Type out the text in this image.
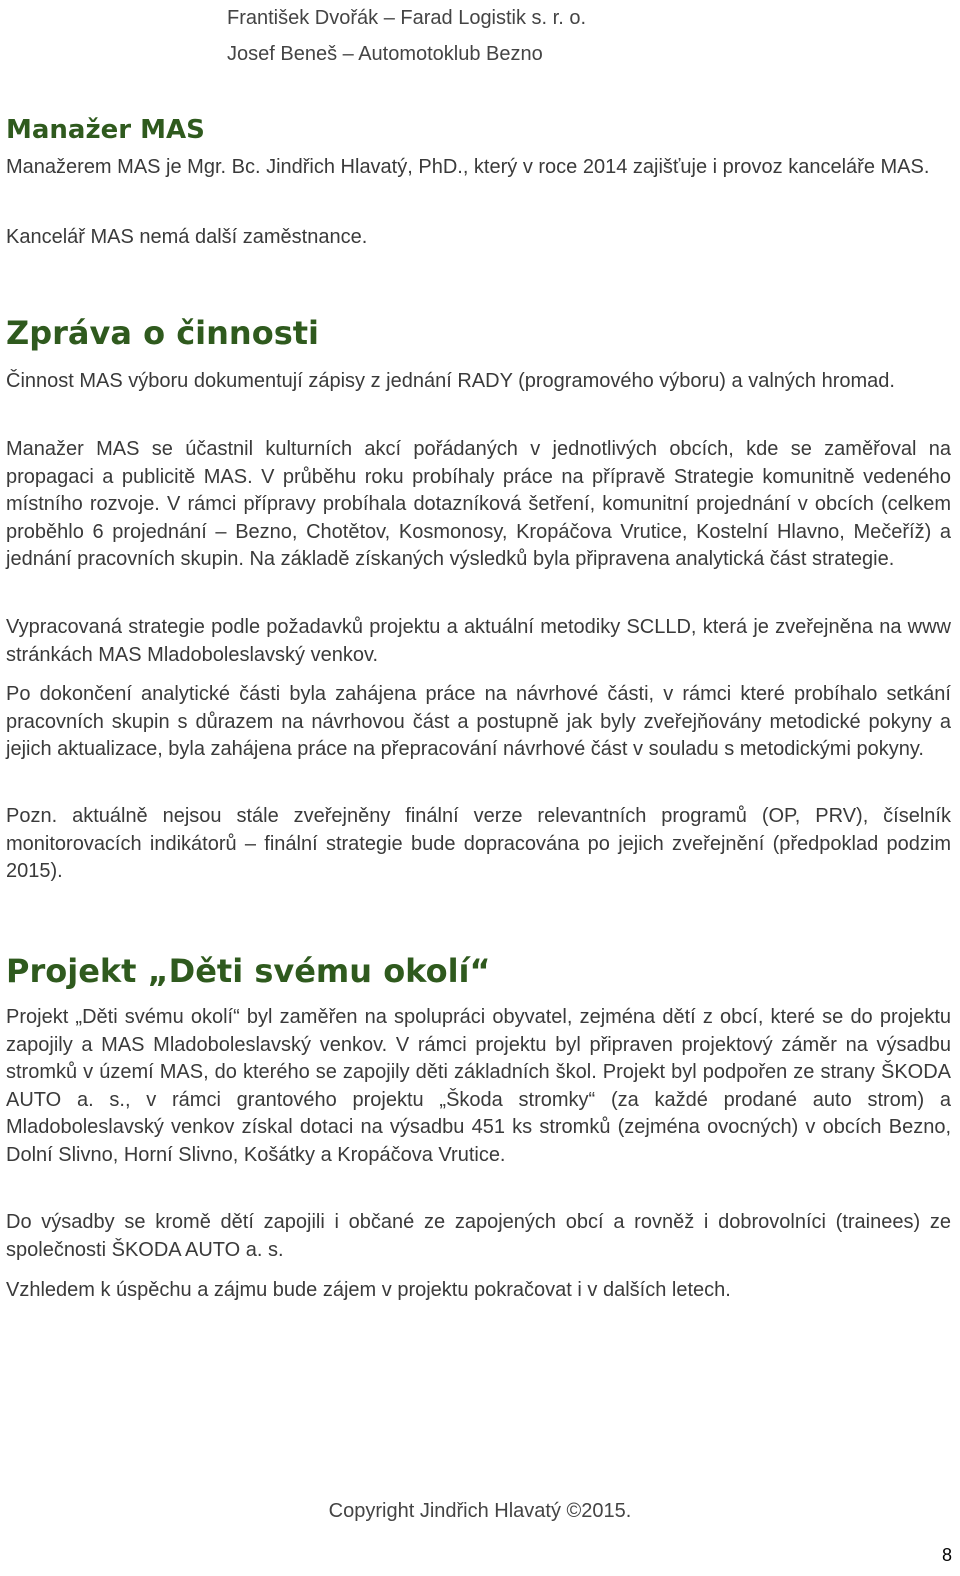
František Dvořák – Farad Logistik s. r. o.
Josef Beneš – Automotoklub Bezno
Manažer MAS

Manažerem MAS je Mgr. Bc. Jindřich Hlavatý, PhD., který v roce 2014 zajišťuje i provoz kanceláře MAS.

Kancelář MAS nemá další zaměstnance.

Zpráva o činnosti

Činnost MAS výboru dokumentují zápisy z jednání RADY (programového výboru) a valných hromad.

Manažer MAS se účastnil kulturních akcí pořádaných v jednotlivých obcích, kde se zaměřoval na propagaci a publicitě MAS. V průběhu roku probíhaly práce na přípravě Strategie komunitně vedeného místního rozvoje. V rámci přípravy probíhala dotazníková šetření, komunitní projednání v obcích (celkem proběhlo 6 projednání – Bezno, Chotětov, Kosmonosy, Kropáčova Vrutice, Kostelní Hlavno, Mečeříž) a jednání pracovních skupin. Na základě získaných výsledků byla připravena analytická část strategie.

Vypracovaná strategie podle požadavků projektu a aktuální metodiky SCLLD, která je zveřejněna na www stránkách MAS Mladoboleslavský venkov.

Po dokončení analytické části byla zahájena práce na návrhové části, v rámci které probíhalo setkání pracovních skupin s důrazem na návrhovou část a postupně jak byly zveřejňovány metodické pokyny a jejich aktualizace, byla zahájena práce na přepracování návrhové část v souladu s metodickými pokyny.

Pozn. aktuálně nejsou stále zveřejněny finální verze relevantních programů (OP, PRV), číselník monitorovacích indikátorů – finální strategie bude dopracována po jejich zveřejnění (předpoklad podzim 2015).

Projekt „Děti svému okolí“

Projekt „Děti svému okolí“ byl zaměřen na spolupráci obyvatel, zejména dětí z obcí, které se do projektu zapojily a MAS Mladoboleslavský venkov. V rámci projektu byl připraven projektový záměr na výsadbu stromků v území MAS, do kterého se zapojily děti základních škol. Projekt byl podpořen ze strany ŠKODA AUTO a. s., v rámci grantového projektu „Škoda stromky“ (za každé prodané auto strom) a Mladoboleslavský venkov získal dotaci na výsadbu 451 ks stromků (zejména ovocných) v obcích Bezno, Dolní Slivno, Horní Slivno, Košátky a Kropáčova Vrutice.

Do výsadby se kromě dětí zapojili i občané ze zapojených obcí a rovněž i dobrovolníci (trainees) ze společnosti ŠKODA AUTO a. s.

Vzhledem k úspěchu a zájmu bude zájem v projektu pokračovat i v dalších letech.

Copyright Jindřich Hlavatý ©2015.
8
